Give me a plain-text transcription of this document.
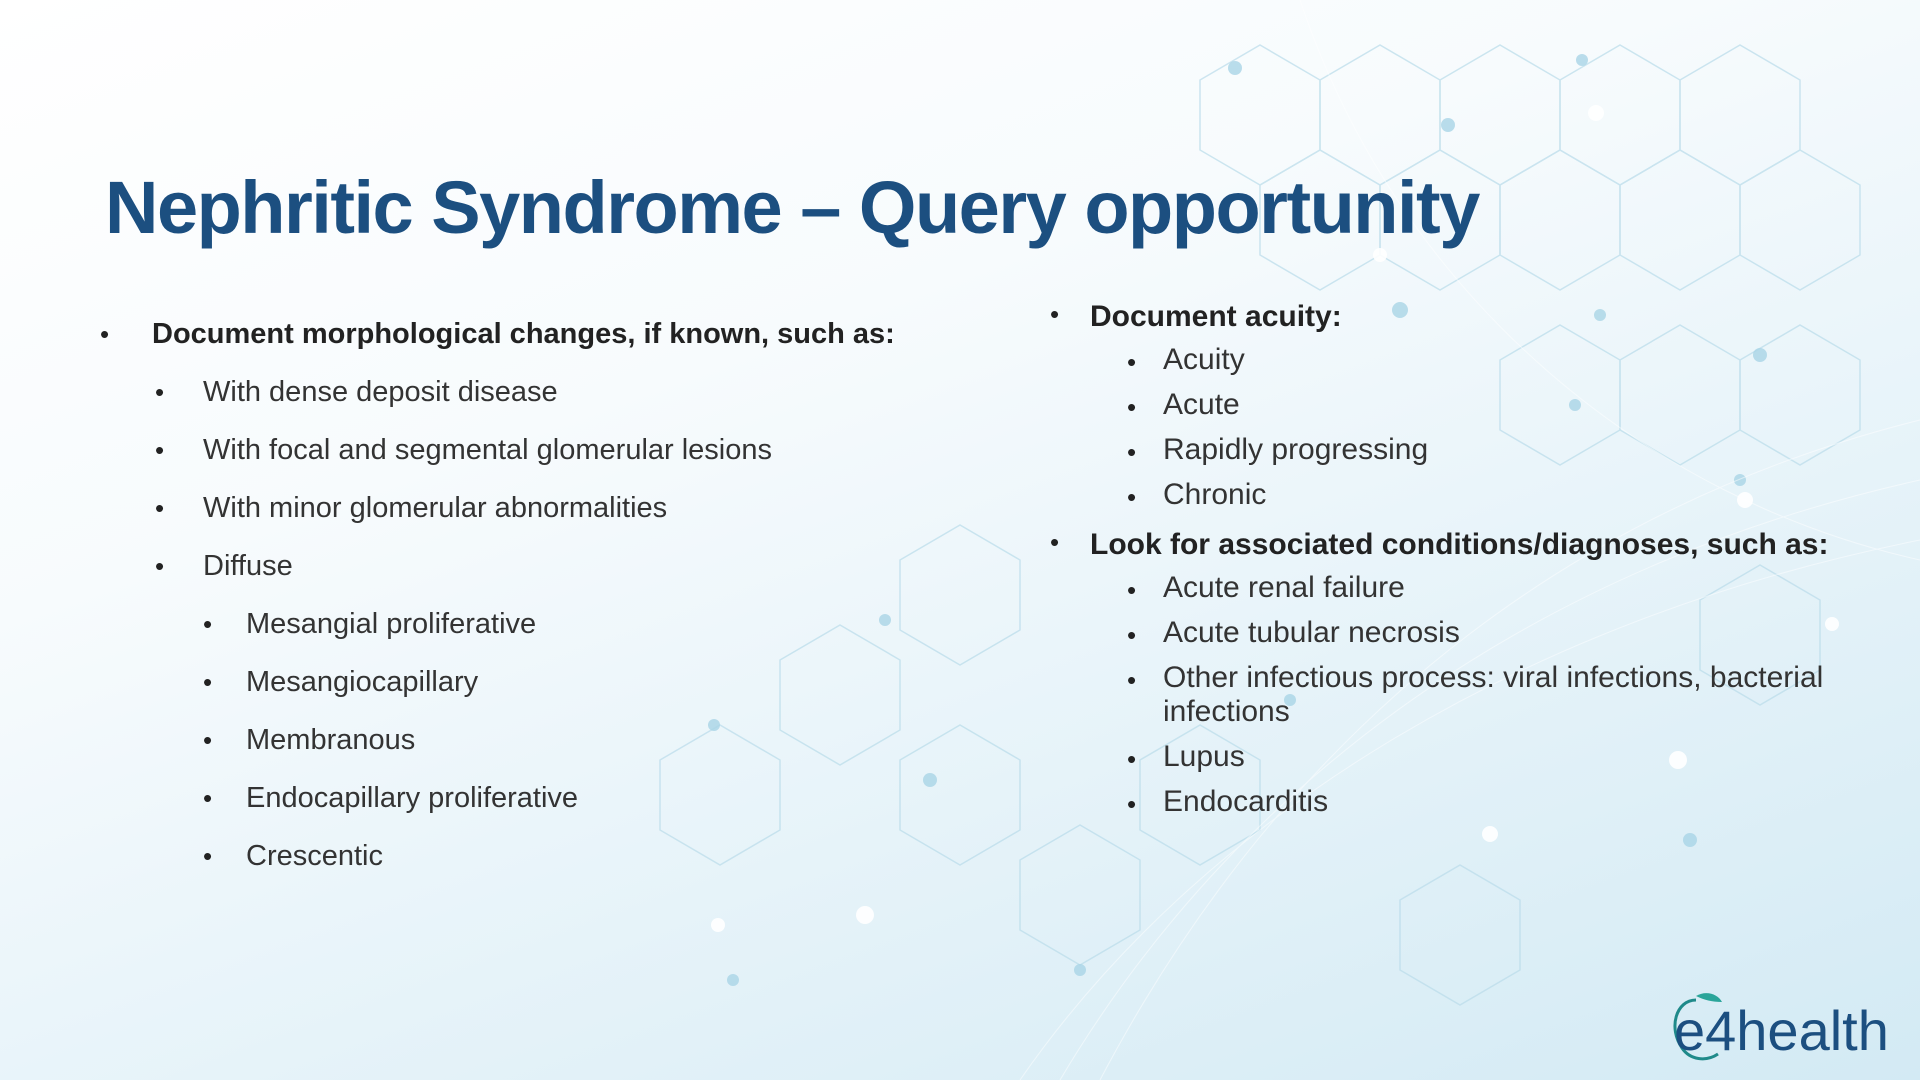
Nephritic Syndrome – Query opportunity
• Document morphological changes, if known, such as:
• With dense deposit disease
• With focal and segmental glomerular lesions
• With minor glomerular abnormalities
• Diffuse
• Mesangial proliferative
• Mesangiocapillary
• Membranous
• Endocapillary proliferative
• Crescentic
• Document acuity:
• Acuity
• Acute
• Rapidly progressing
• Chronic
• Look for associated conditions/diagnoses, such as:
• Acute renal failure
• Acute tubular necrosis
• Other infectious process: viral infections, bacterial infections
• Lupus
• Endocarditis
e4health
